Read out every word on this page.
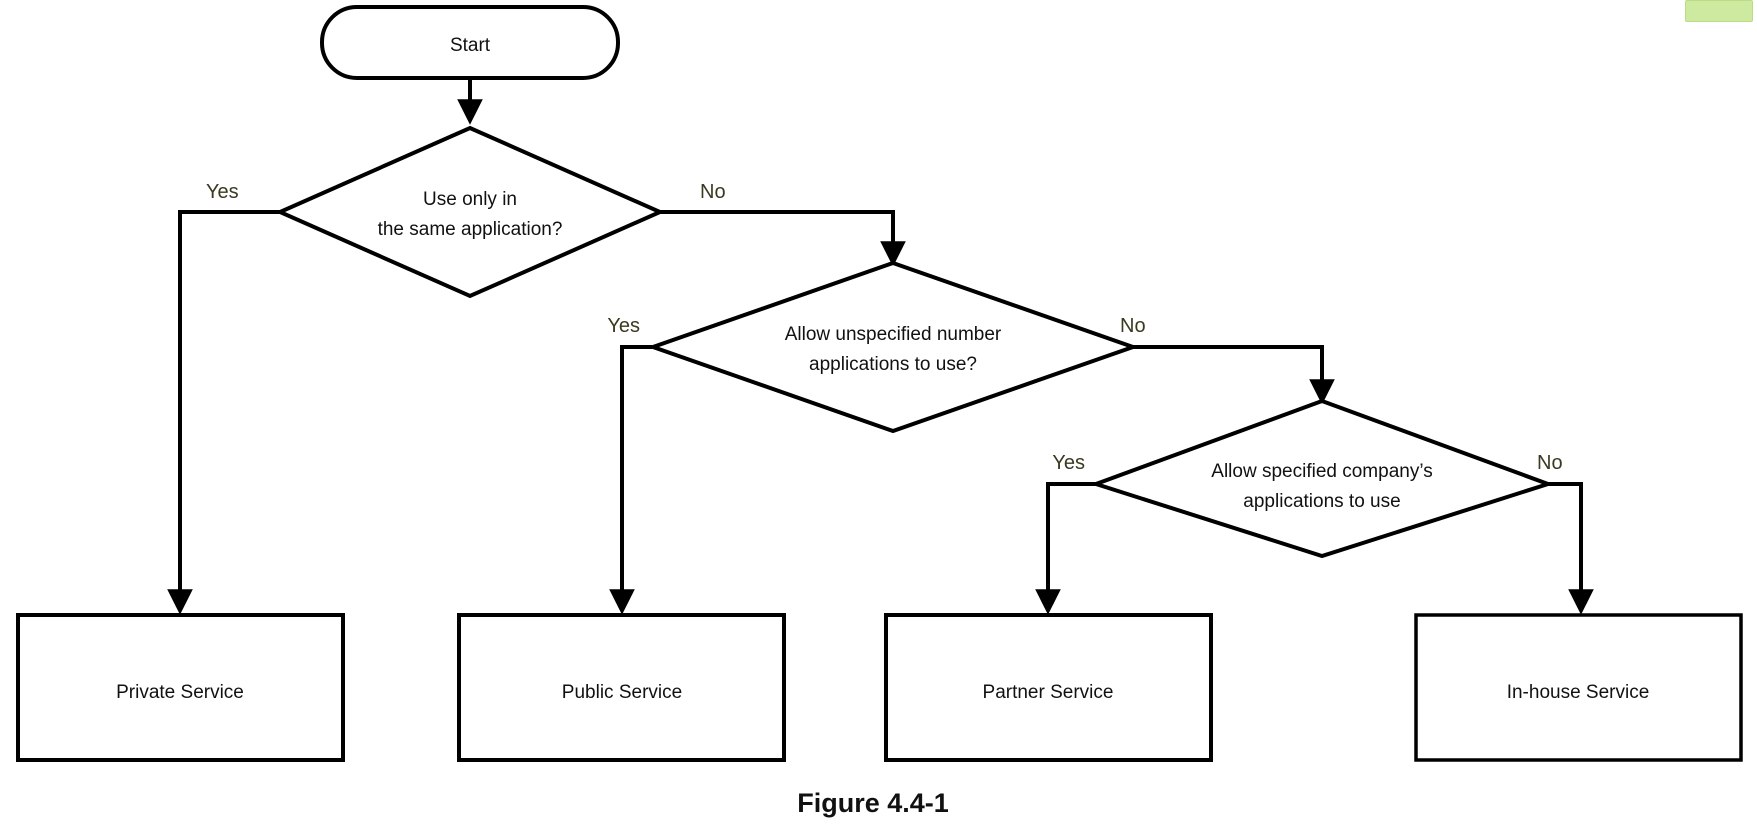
Start
Use only in
the same application?
Yes	No
Allow unspecified number
applications to use?
Yes	No
Allow specified company’s
applications to use
Yes	No
Private Service	Public Service	Partner Service	In-house Service
Figure 4.4-1
